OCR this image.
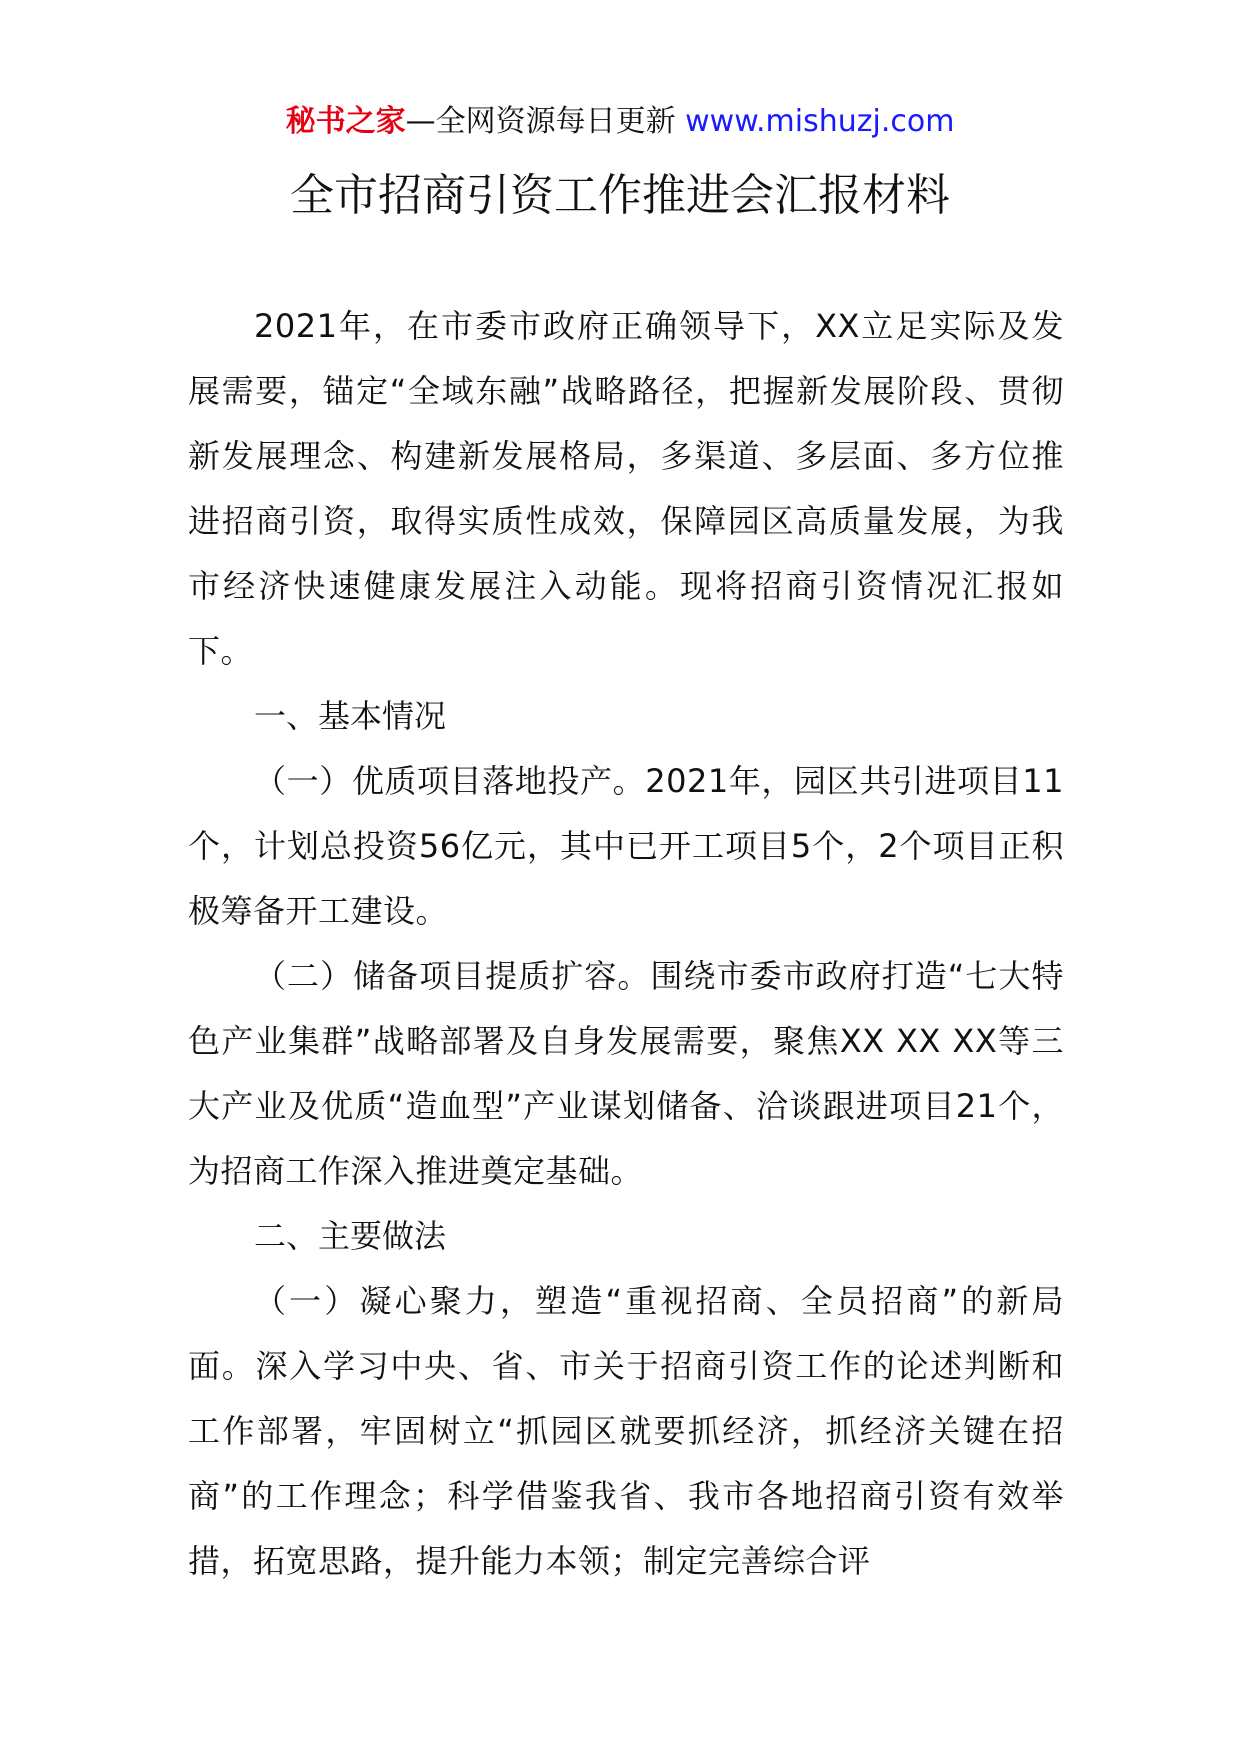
秘书之家—全网资源每日更新 www.mishuzj.com
全市招商引资工作推进会汇报材料

2021年，在市委市政府正确领导下，XX立足实际及发展需要，锚定“全域东融”战略路径，把握新发展阶段、贯彻新发展理念、构建新发展格局，多渠道、多层面、多方位推进招商引资，取得实质性成效，保障园区高质量发展，为我市经济快速健康发展注入动能。现将招商引资情况汇报如下。

一、基本情况

（一）优质项目落地投产。2021年，园区共引进项目11个，计划总投资56亿元，其中已开工项目5个，2个项目正积极筹备开工建设。

（二）储备项目提质扩容。围绕市委市政府打造“七大特色产业集群”战略部署及自身发展需要，聚焦XX XX XX等三大产业及优质“造血型”产业谋划储备、洽谈跟进项目21个，为招商工作深入推进奠定基础。

二、主要做法

（一）凝心聚力，塑造“重视招商、全员招商”的新局面。深入学习中央、省、市关于招商引资工作的论述判断和工作部署，牢固树立“抓园区就要抓经济，抓经济关键在招商”的工作理念；科学借鉴我省、我市各地招商引资有效举措，拓宽思路，提升能力本领；制定完善综合评
